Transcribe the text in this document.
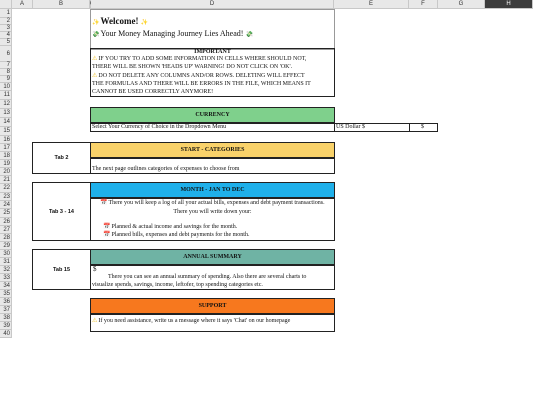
A	B	D	E	F	G	H
1
2
3
4
5
6
7
8
9
10
11
12
13
14
15
16
17
18
19
20
21
22
23
24
25
26
27
28
29
30
31
32
33
34
35
36
37
38
39
40
✨Welcome! ✨
💸Your Money Managing Journey Lies Ahead! 💸
IMPORTANT
⚠IF YOU TRY TO ADD SOME INFORMATION IN CELLS WHERE SHOULD NOT,
THERE WILL BE SHOWN 'HEADS UP' WARNING! DO NOT CLICK ON 'OK'.
⚠DO NOT DELETE ANY COLUMNS AND/OR ROWS. DELETING WILL EFFECT
THE FORMULAS AND THERE WILL BE ERRORS IN THE FILE, WHICH MEANS IT
CANNOT BE USED CORRECTLY ANYMORE!
CURRENCY
Select Your Currency of Choice in the Dropdown Menu	US Dollar $	$
Tab 2
START - CATEGORIES
The next page outlines categories of expenses to choose from
Tab 3 - 14
MONTH - JAN TO DEC
📅There you will keep a log of all your actual bills, expenses and debt payment transactions.
There you will write down your:
📅Planned & actual income and savings for the month.
📅Planned bills, expenses and debt payments for the month.
Tab 15
ANNUAL SUMMARY
$
There you can see an annual summary of spending. Also there are several charts to
visualize spends, savings, income, leftofer, top spending categories etc.
SUPPORT
⚠If you need assistance, write us a message where it says 'Chat' on our homepage
